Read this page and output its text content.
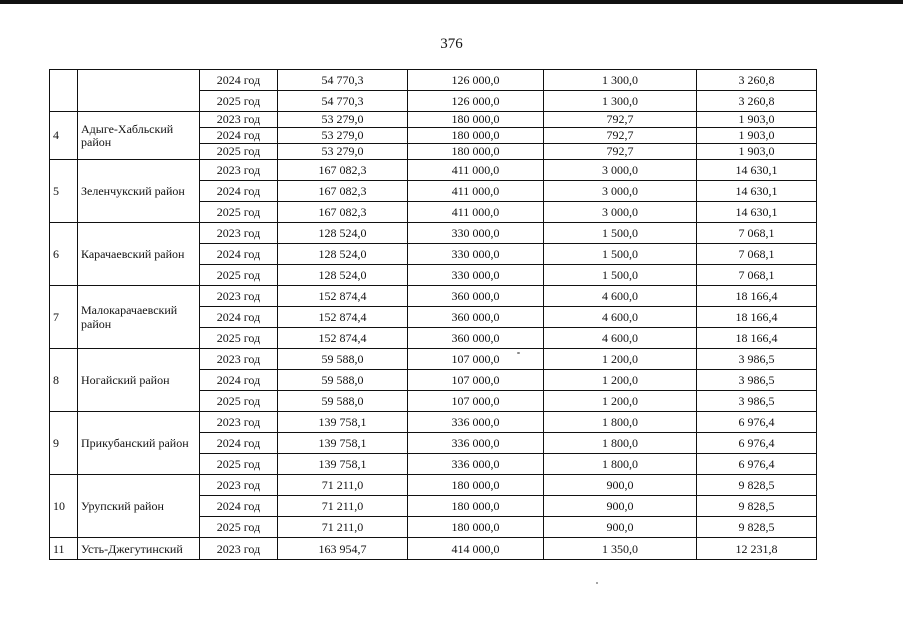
376
		2024 год	54 770,3	126 000,0	1 300,0	3 260,8
		2025 год	54 770,3	126 000,0	1 300,0	3 260,8
4	Адыге-Хабльский район	2023 год	53 279,0	180 000,0	792,7	1 903,0
		2024 год	53 279,0	180 000,0	792,7	1 903,0
		2025 год	53 279,0	180 000,0	792,7	1 903,0
5	Зеленчукский район	2023 год	167 082,3	411 000,0	3 000,0	14 630,1
		2024 год	167 082,3	411 000,0	3 000,0	14 630,1
		2025 год	167 082,3	411 000,0	3 000,0	14 630,1
6	Карачаевский район	2023 год	128 524,0	330 000,0	1 500,0	7 068,1
		2024 год	128 524,0	330 000,0	1 500,0	7 068,1
		2025 год	128 524,0	330 000,0	1 500,0	7 068,1
7	Малокарачаевский район	2023 год	152 874,4	360 000,0	4 600,0	18 166,4
		2024 год	152 874,4	360 000,0	4 600,0	18 166,4
		2025 год	152 874,4	360 000,0	4 600,0	18 166,4
8	Ногайский район	2023 год	59 588,0	107 000,0	1 200,0	3 986,5
		2024 год	59 588,0	107 000,0	1 200,0	3 986,5
		2025 год	59 588,0	107 000,0	1 200,0	3 986,5
9	Прикубанский район	2023 год	139 758,1	336 000,0	1 800,0	6 976,4
		2024 год	139 758,1	336 000,0	1 800,0	6 976,4
		2025 год	139 758,1	336 000,0	1 800,0	6 976,4
10	Урупский район	2023 год	71 211,0	180 000,0	900,0	9 828,5
		2024 год	71 211,0	180 000,0	900,0	9 828,5
		2025 год	71 211,0	180 000,0	900,0	9 828,5
11	Усть-Джегутинский	2023 год	163 954,7	414 000,0	1 350,0	12 231,8
